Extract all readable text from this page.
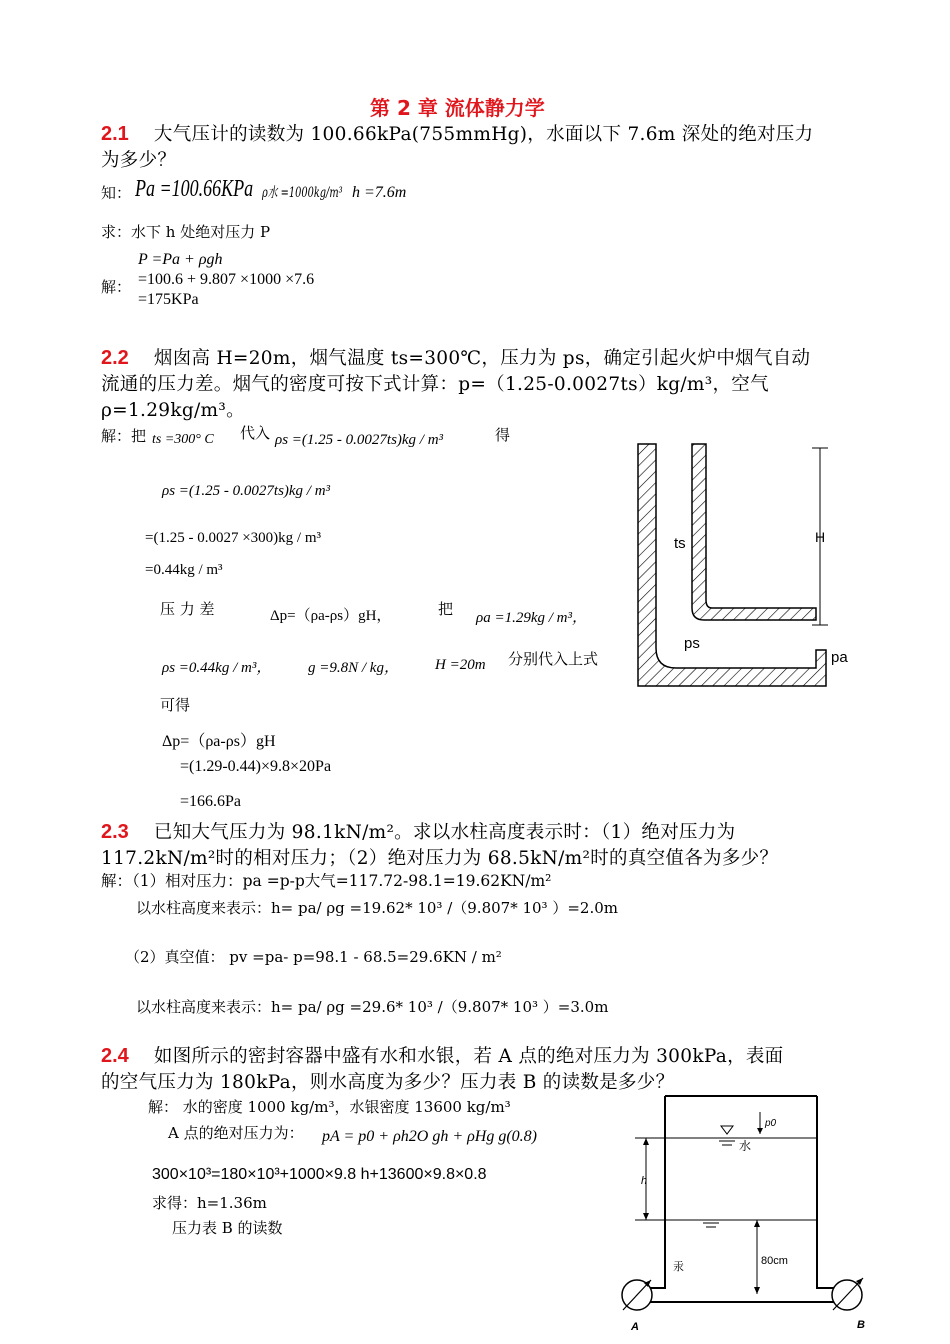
第 2 章 流体静力学
2.1 大气压计的读数为 100.66kPa(755mmHg)，水面以下 7.6m 深处的绝对压力
为多少？
知： Pa =100.66KPa ρ水 =1000kg/m³ h =7.6m
求：水下 h 处绝对压力 P
P =Pa + ρgh
解： =100.6 + 9.807 ×1000 ×7.6
=175KPa
2.2 烟囱高 H=20m，烟气温度 ts=300℃，压力为 ps，确定引起火炉中烟气自动
流通的压力差。烟气的密度可按下式计算：p=（1.25-0.0027ts）kg/m³，空气
ρ=1.29kg/m³。
解：把 ts =300° C 代入 ρs =(1.25 - 0.0027ts)kg / m³	得
ρs =(1.25 - 0.0027ts)kg / m³
=(1.25 - 0.0027 ×300)kg / m³
=0.44kg / m³
压 力 差	Δp=（ρa-ρs）gH，	把 ρa =1.29kg / m³，
ρs =0.44kg / m³， g =9.8N / kg， H =20m 分别代入上式
可得
Δp=（ρa-ρs）gH
=(1.29-0.44)×9.8×20Pa
=166.6Pa
H
ts
ps
pa
2.3 已知大气压力为 98.1kN/m²。求以水柱高度表示时：（1）绝对压力为
117.2kN/m²时的相对压力；（2）绝对压力为 68.5kN/m²时的真空值各为多少？
解：（1）相对压力：pa =p-p大气=117.72-98.1=19.62KN/m²
以水柱高度来表示：h= pa/ ρg =19.62* 10³ /（9.807* 10³ ）=2.0m
（2）真空值： pv =pa- p=98.1 - 68.5=29.6KN / m²
以水柱高度来表示：h= pa/ ρg =29.6* 10³ /（9.807* 10³ ）=3.0m
2.4 如图所示的密封容器中盛有水和水银，若 A 点的绝对压力为 300kPa，表面
的空气压力为 180kPa，则水高度为多少？压力表 B 的读数是多少？
解： 水的密度 1000 kg/m³，水银密度 13600 kg/m³
A 点的绝对压力为： pA = p0 + ρh2O gh + ρHg g(0.8)
300×10³=180×10³+1000×9.8 h+13600×9.8×0.8
求得：h=1.36m
压力表 B 的读数
p0
水
h
80cm
汞
A	B
